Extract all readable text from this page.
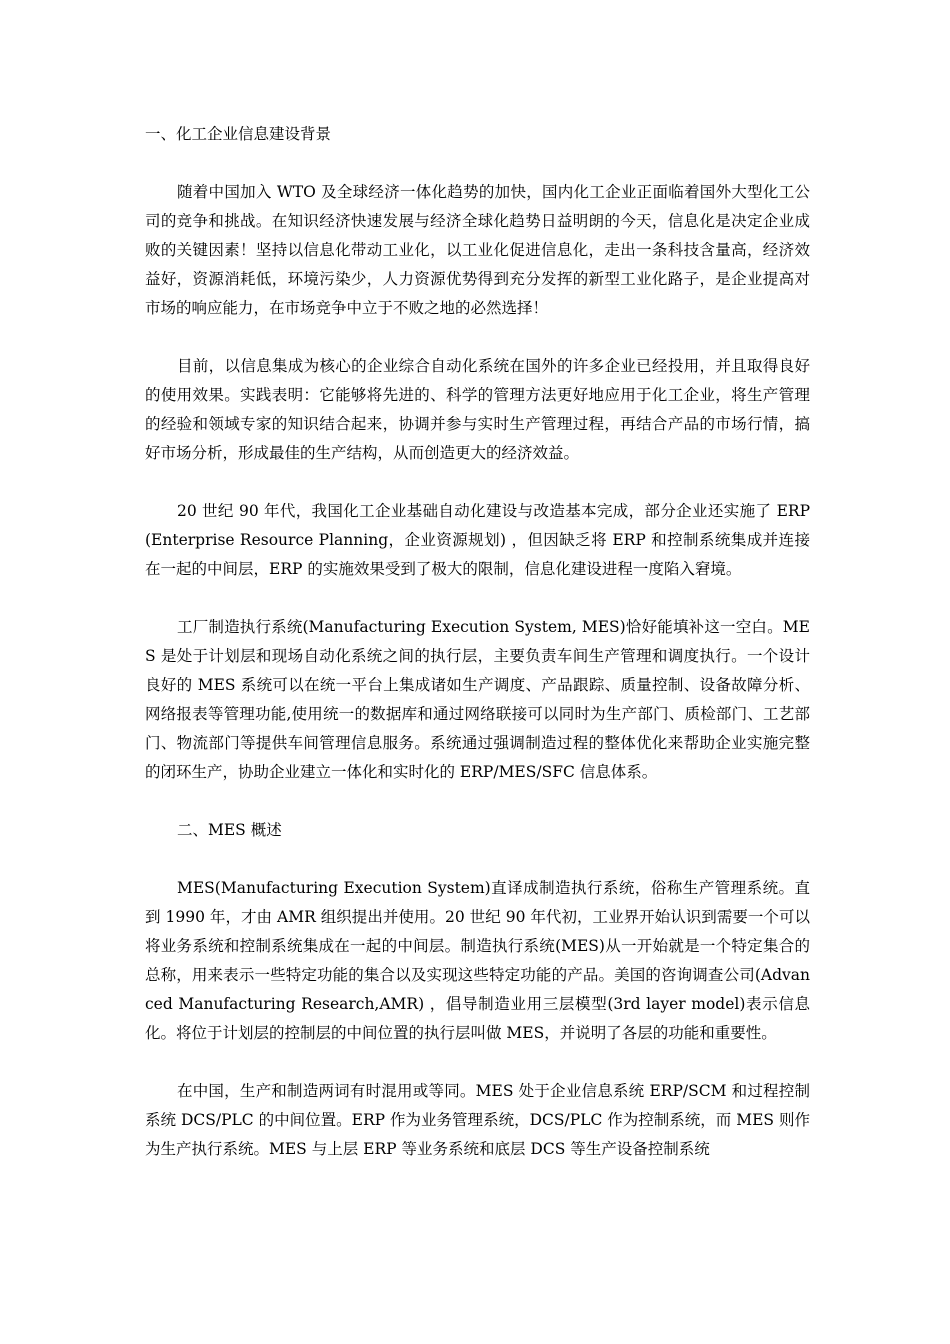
一、化工企业信息建设背景

随着中国加入 WTO 及全球经济一体化趋势的加快，国内化工企业正面临着国外大型化工公司的竞争和挑战。在知识经济快速发展与经济全球化趋势日益明朗的今天，信息化是决定企业成败的关键因素！坚持以信息化带动工业化，以工业化促进信息化，走出一条科技含量高，经济效益好，资源消耗低，环境污染少，人力资源优势得到充分发挥的新型工业化路子，是企业提高对市场的响应能力，在市场竞争中立于不败之地的必然选择！

目前，以信息集成为核心的企业综合自动化系统在国外的许多企业已经投用，并且取得良好的使用效果。实践表明：它能够将先进的、科学的管理方法更好地应用于化工企业，将生产管理的经验和领域专家的知识结合起来，协调并参与实时生产管理过程，再结合产品的市场行情，搞好市场分析，形成最佳的生产结构，从而创造更大的经济效益。

20 世纪 90 年代，我国化工企业基础自动化建设与改造基本完成，部分企业还实施了 ERP (Enterprise Resource Planning，企业资源规划) ，但因缺乏将 ERP 和控制系统集成并连接在一起的中间层，ERP 的实施效果受到了极大的限制，信息化建设进程一度陷入窘境。

工厂制造执行系统(Manufacturing Execution System, MES)恰好能填补这一空白。MES 是处于计划层和现场自动化系统之间的执行层，主要负责车间生产管理和调度执行。一个设计良好的 MES 系统可以在统一平台上集成诸如生产调度、产品跟踪、质量控制、设备故障分析、网络报表等管理功能,使用统一的数据库和通过网络联接可以同时为生产部门、质检部门、工艺部门、物流部门等提供车间管理信息服务。系统通过强调制造过程的整体优化来帮助企业实施完整的闭环生产，协助企业建立一体化和实时化的 ERP/MES/SFC 信息体系。

二、MES 概述

MES(Manufacturing Execution System)直译成制造执行系统，俗称生产管理系统。直到 1990 年，才由 AMR 组织提出并使用。20 世纪 90 年代初，工业界开始认识到需要一个可以将业务系统和控制系统集成在一起的中间层。制造执行系统(MES)从一开始就是一个特定集合的总称，用来表示一些特定功能的集合以及实现这些特定功能的产品。美国的咨询调查公司(Advanced Manufacturing Research,AMR) ，倡导制造业用三层模型(3rd layer model)表示信息化。将位于计划层的控制层的中间位置的执行层叫做 MES，并说明了各层的功能和重要性。

在中国，生产和制造两词有时混用或等同。MES 处于企业信息系统 ERP/SCM 和过程控制系统 DCS/PLC 的中间位置。ERP 作为业务管理系统，DCS/PLC 作为控制系统，而 MES 则作为生产执行系统。MES 与上层 ERP 等业务系统和底层 DCS 等生产设备控制系统
